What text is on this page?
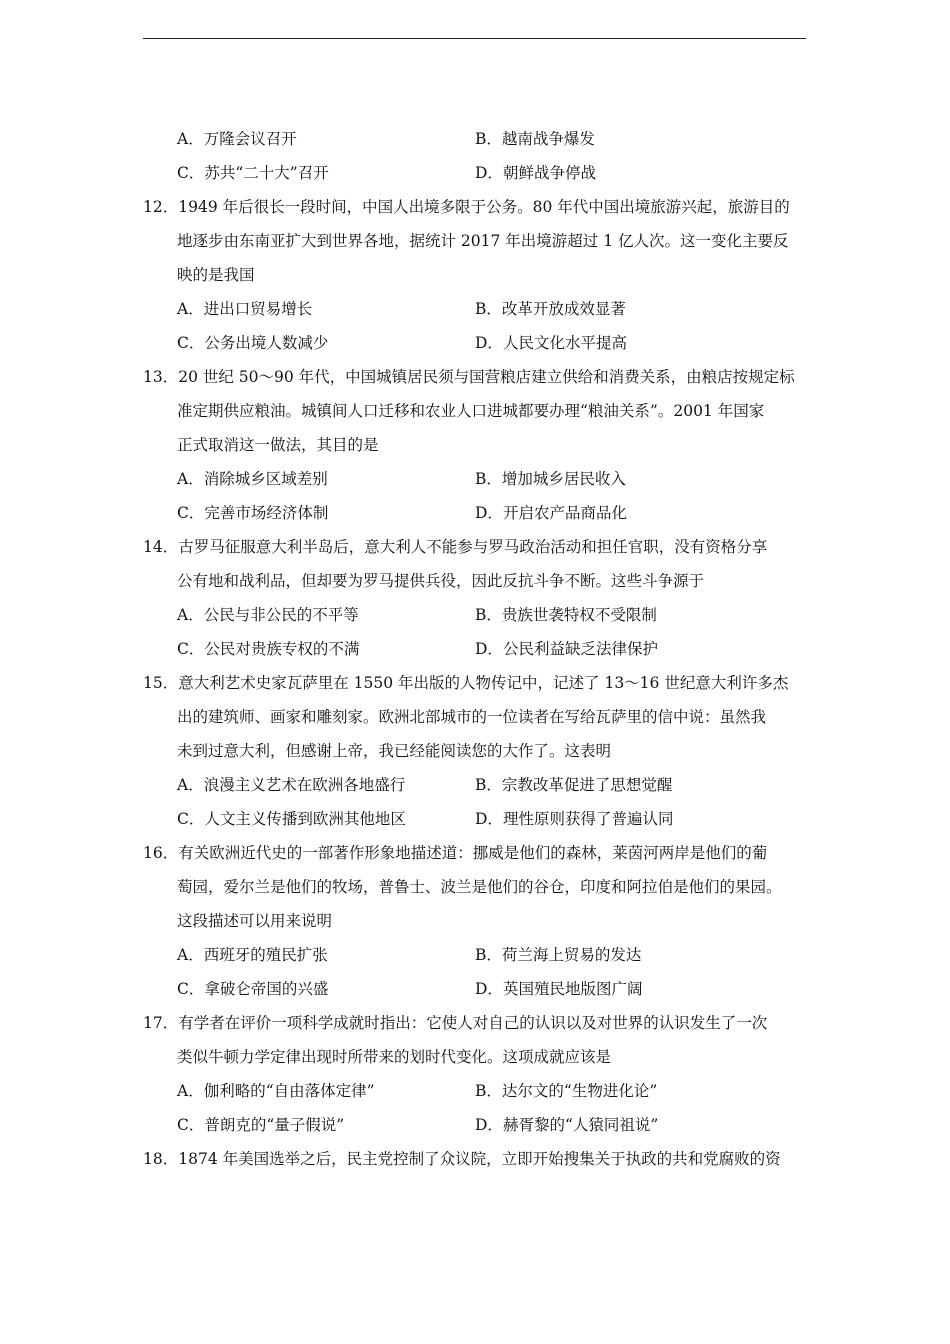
A．万隆会议召开	B．越南战争爆发
C．苏共“二十大”召开	D．朝鲜战争停战
12．1949 年后很长一段时间，中国人出境多限于公务。80 年代中国出境旅游兴起，旅游目的
地逐步由东南亚扩大到世界各地，据统计 2017 年出境游超过 1 亿人次。这一变化主要反
映的是我国
A．进出口贸易增长	B．改革开放成效显著
C．公务出境人数减少	D．人民文化水平提高
13．20 世纪 50～90 年代，中国城镇居民须与国营粮店建立供给和消费关系，由粮店按规定标
准定期供应粮油。城镇间人口迁移和农业人口进城都要办理“粮油关系”。2001 年国家
正式取消这一做法，其目的是
A．消除城乡区域差别	B．增加城乡居民收入
C．完善市场经济体制	D．开启农产品商品化
14．古罗马征服意大利半岛后，意大利人不能参与罗马政治活动和担任官职，没有资格分享
公有地和战利品，但却要为罗马提供兵役，因此反抗斗争不断。这些斗争源于
A．公民与非公民的不平等	B．贵族世袭特权不受限制
C．公民对贵族专权的不满	D．公民利益缺乏法律保护
15．意大利艺术史家瓦萨里在 1550 年出版的人物传记中，记述了 13～16 世纪意大利许多杰
出的建筑师、画家和雕刻家。欧洲北部城市的一位读者在写给瓦萨里的信中说：虽然我
未到过意大利，但感谢上帝，我已经能阅读您的大作了。这表明
A．浪漫主义艺术在欧洲各地盛行	B．宗教改革促进了思想觉醒
C．人文主义传播到欧洲其他地区	D．理性原则获得了普遍认同
16．有关欧洲近代史的一部著作形象地描述道：挪威是他们的森林，莱茵河两岸是他们的葡
萄园，爱尔兰是他们的牧场，普鲁士、波兰是他们的谷仓，印度和阿拉伯是他们的果园。
这段描述可以用来说明
A．西班牙的殖民扩张	B．荷兰海上贸易的发达
C．拿破仑帝国的兴盛	D．英国殖民地版图广阔
17．有学者在评价一项科学成就时指出：它使人对自己的认识以及对世界的认识发生了一次
类似牛顿力学定律出现时所带来的划时代变化。这项成就应该是
A．伽利略的“自由落体定律”	B．达尔文的“生物进化论”
C．普朗克的“量子假说”	D．赫胥黎的“人猿同祖说”
18．1874 年美国选举之后，民主党控制了众议院，立即开始搜集关于执政的共和党腐败的资
